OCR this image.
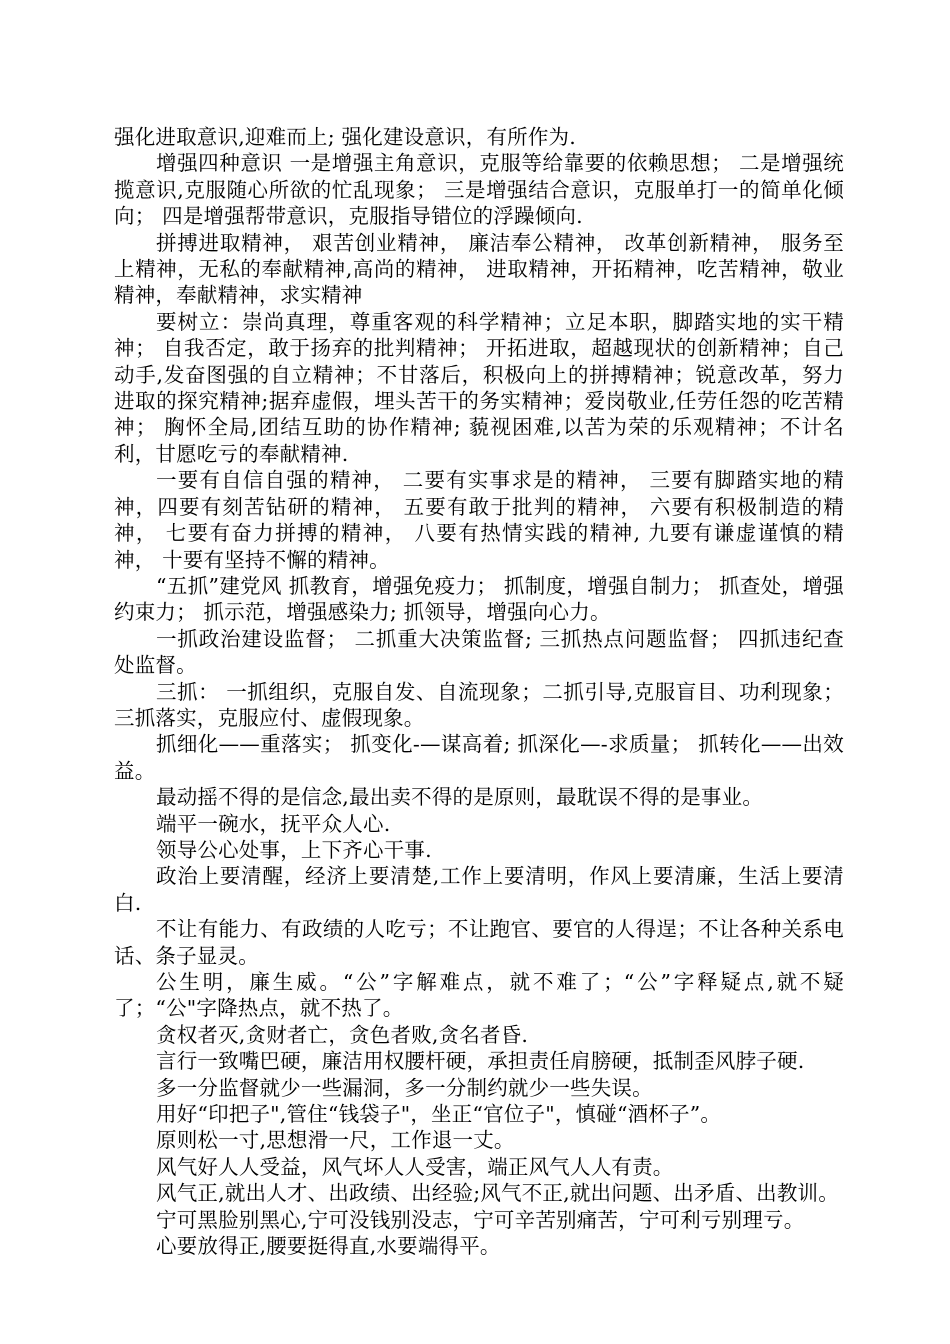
强化进取意识,迎难而上; 强化建设意识，有所作为.

增强四种意识 一是增强主角意识，克服等给靠要的依赖思想； 二是增强统揽意识,克服随心所欲的忙乱现象； 三是增强结合意识，克服单打一的简单化倾向； 四是增强帮带意识，克服指导错位的浮躁倾向.

拼搏进取精神， 艰苦创业精神， 廉洁奉公精神， 改革创新精神， 服务至上精神，无私的奉献精神,高尚的精神， 进取精神，开拓精神，吃苦精神，敬业精神，奉献精神，求实精神

要树立：崇尚真理，尊重客观的科学精神；立足本职，脚踏实地的实干精神； 自我否定，敢于扬弃的批判精神； 开拓进取，超越现状的创新精神；自己动手,发奋图强的自立精神；不甘落后，积极向上的拼搏精神；锐意改革，努力进取的探究精神;据弃虚假，埋头苦干的务实精神；爱岗敬业,任劳任怨的吃苦精神； 胸怀全局,团结互助的协作精神; 藐视困难,以苦为荣的乐观精神；不计名利，甘愿吃亏的奉献精神.

一要有自信自强的精神， 二要有实事求是的精神， 三要有脚踏实地的精神，四要有刻苦钻研的精神， 五要有敢于批判的精神， 六要有积极制造的精神， 七要有奋力拼搏的精神， 八要有热情实践的精神, 九要有谦虚谨慎的精神， 十要有坚持不懈的精神。

“五抓”建党风 抓教育，增强免疫力； 抓制度，增强自制力； 抓查处，增强约束力； 抓示范，增强感染力; 抓领导，增强向心力。

一抓政治建设监督； 二抓重大决策监督; 三抓热点问题监督； 四抓违纪查处监督。

三抓： 一抓组织，克服自发、自流现象；二抓引导,克服盲目、功利现象； 三抓落实，克服应付、虚假现象。

抓细化——重落实； 抓变化-—谋高着; 抓深化—-求质量； 抓转化——出效益。

最动摇不得的是信念,最出卖不得的是原则，最耽误不得的是事业。

端平一碗水，抚平众人心.

领导公心处事，上下齐心干事.

政治上要清醒，经济上要清楚,工作上要清明，作风上要清廉，生活上要清白.

不让有能力、有政绩的人吃亏；不让跑官、要官的人得逞；不让各种关系电话、条子显灵。

公生明，廉生威。“公”字解难点，就不难了；“公”字释疑点,就不疑了；“公"字降热点，就不热了。

贪权者灭,贪财者亡，贪色者败,贪名者昏.

言行一致嘴巴硬，廉洁用权腰杆硬，承担责任肩膀硬，抵制歪风脖子硬.

多一分监督就少一些漏洞，多一分制约就少一些失误。

用好“印把子",管住“钱袋子"，坐正“官位子"，慎碰“酒杯子”。

原则松一寸,思想滑一尺，工作退一丈。

风气好人人受益，风气坏人人受害，端正风气人人有责。

风气正,就出人才、出政绩、出经验;风气不正,就出问题、出矛盾、出教训。

宁可黑脸别黑心,宁可没钱别没志，宁可辛苦别痛苦，宁可利亏别理亏。

心要放得正,腰要挺得直,水要端得平。
